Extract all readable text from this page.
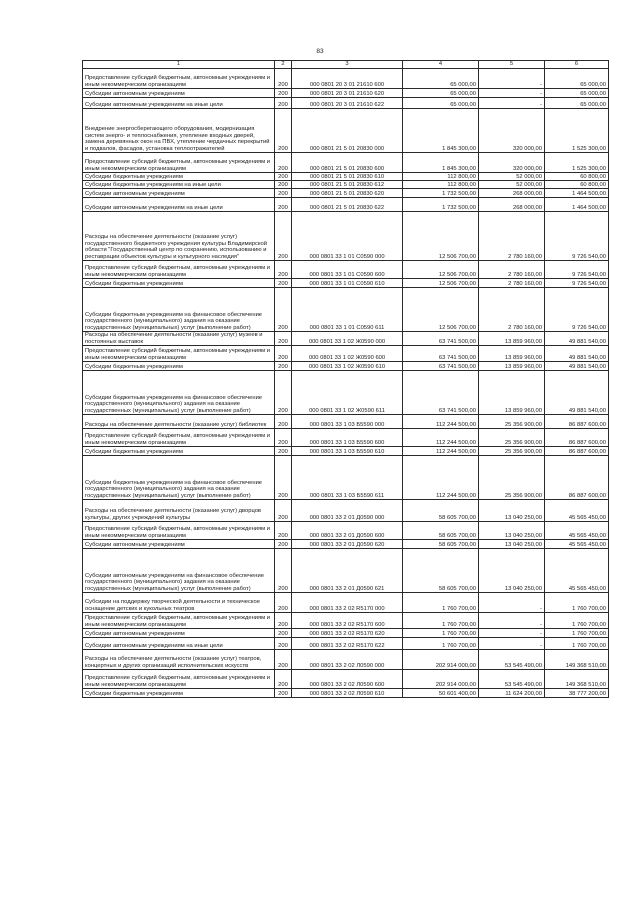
83
1	2	3	4	5	6
Предоставление субсидий бюджетным, автономным учреждениям и иным некоммерческим организациям	200	000 0801 20 3 01 21610 600	65 000,00	-	65 000,00
Субсидии автономным учреждениям	200	000 0801 20 3 01 21610 620	65 000,00	-	65 000,00
Субсидии автономным учреждениям на иные цели	200	000 0801 20 3 01 21610 622	65 000,00	-	65 000,00
Внедрение энергосберегающего оборудования, модернизация систем энерго- и теплоснабжения, утепление входных дверей, замена деревянных окон на ПВХ, утепление чердачных перекрытий и подвалов, фасадов, установка теплоотражателей	200	000 0801 21 5 01 20830 000	1 845 300,00	320 000,00	1 525 300,00
Предоставление субсидий бюджетным, автономным учреждениям и иным некоммерческим организациям	200	000 0801 21 5 01 20830 600	1 845 300,00	320 000,00	1 525 300,00
Субсидии бюджетным учреждениям	200	000 0801 21 5 01 20830 610	112 800,00	52 000,00	60 800,00
Субсидии бюджетным учреждениям на иные цели	200	000 0801 21 5 01 20830 612	112 800,00	52 000,00	60 800,00
Субсидии автономным учреждениям	200	000 0801 21 5 01 20830 620	1 732 500,00	268 000,00	1 464 500,00
Субсидии автономным учреждениям на иные цели	200	000 0801 21 5 01 20830 622	1 732 500,00	268 000,00	1 464 500,00
Расходы на обеспечение деятельности (оказание услуг) государственного бюджетного учреждения культуры Владимирской области "Государственный центр по сохранению, использованию и реставрации объектов культуры и культурного наследия"	200	000 0801 33 1 01 С0590 000	12 506 700,00	2 780 160,00	9 726 540,00
Предоставление субсидий бюджетным, автономным учреждениям и иным некоммерческим организациям	200	000 0801 33 1 01 С0590 600	12 506 700,00	2 780 160,00	9 726 540,00
Субсидии бюджетным учреждениям	200	000 0801 33 1 01 С0590 610	12 506 700,00	2 780 160,00	9 726 540,00
Субсидии бюджетным учреждениям на финансовое обеспечение государственного (муниципального) задания на оказание государственных (муниципальных) услуг (выполнение работ)	200	000 0801 33 1 01 С0590 611	12 506 700,00	2 780 160,00	9 726 540,00
Расходы на обеспечение деятельности (оказание услуг) музеев и постоянных выставок	200	000 0801 33 1 02 Ж0590 000	63 741 500,00	13 859 960,00	49 881 540,00
Предоставление субсидий бюджетным, автономным учреждениям и иным некоммерческим организациям	200	000 0801 33 1 02 Ж0590 600	63 741 500,00	13 859 960,00	49 881 540,00
Субсидии бюджетным учреждениям	200	000 0801 33 1 02 Ж0590 610	63 741 500,00	13 859 960,00	49 881 540,00
Субсидии бюджетным учреждениям на финансовое обеспечение государственного (муниципального) задания на оказание государственных (муниципальных) услуг (выполнение работ)	200	000 0801 33 1 02 Ж0590 611	63 741 500,00	13 859 960,00	49 881 540,00
Расходы на обеспечение деятельности (оказание услуг) библиотек	200	000 0801 33 1 03 Б5590 000	112 244 500,00	25 356 900,00	86 887 600,00
Предоставление субсидий бюджетным, автономным учреждениям и иным некоммерческим организациям	200	000 0801 33 1 03 Б5590 600	112 244 500,00	25 356 900,00	86 887 600,00
Субсидии бюджетным учреждениям	200	000 0801 33 1 03 Б5590 610	112 244 500,00	25 356 900,00	86 887 600,00
Субсидии бюджетным учреждениям на финансовое обеспечение государственного (муниципального) задания на оказание государственных (муниципальных) услуг (выполнение работ)	200	000 0801 33 1 03 Б5590 611	112 244 500,00	25 356 900,00	86 887 600,00
Расходы на обеспечение деятельности (оказание услуг) дворцов культуры, других учреждений культуры	200	000 0801 33 2 01 Д0590 000	58 605 700,00	13 040 250,00	45 565 450,00
Предоставление субсидий бюджетным, автономным учреждениям и иным некоммерческим организациям	200	000 0801 33 2 01 Д0590 600	58 605 700,00	13 040 250,00	45 565 450,00
Субсидии автономным учреждениям	200	000 0801 33 2 01 Д0590 620	58 605 700,00	13 040 250,00	45 565 450,00
Субсидии автономным учреждениям на финансовое обеспечение государственного (муниципального) задания на оказание государственных (муниципальных) услуг (выполнение работ)	200	000 0801 33 2 01 Д0590 621	58 605 700,00	13 040 250,00	45 565 450,00
Субсидии на поддержку творческой деятельности и техническое оснащение детских и кукольных театров	200	000 0801 33 2 02 R5170 000	1 760 700,00	-	1 760 700,00
Предоставление субсидий бюджетным, автономным учреждениям и иным некоммерческим организациям	200	000 0801 33 2 02 R5170 600	1 760 700,00	-	1 760 700,00
Субсидии автономным учреждениям	200	000 0801 33 2 02 R5170 620	1 760 700,00	-	1 760 700,00
Субсидии автономным учреждениям на иные цели	200	000 0801 33 2 02 R5170 622	1 760 700,00	-	1 760 700,00
Расходы на обеспечение деятельности (оказание услуг) театров, концертных и других организаций исполнительских искусств	200	000 0801 33 2 02 Л0590 000	202 914 000,00	53 545 490,00	149 368 510,00
Предоставление субсидий бюджетным, автономным учреждениям и иным некоммерческим организациям	200	000 0801 33 2 02 Л0590 600	202 914 000,00	53 545 490,00	149 368 510,00
Субсидии бюджетным учреждениям	200	000 0801 33 2 02 Л0590 610	50 601 400,00	11 624 200,00	38 777 200,00
